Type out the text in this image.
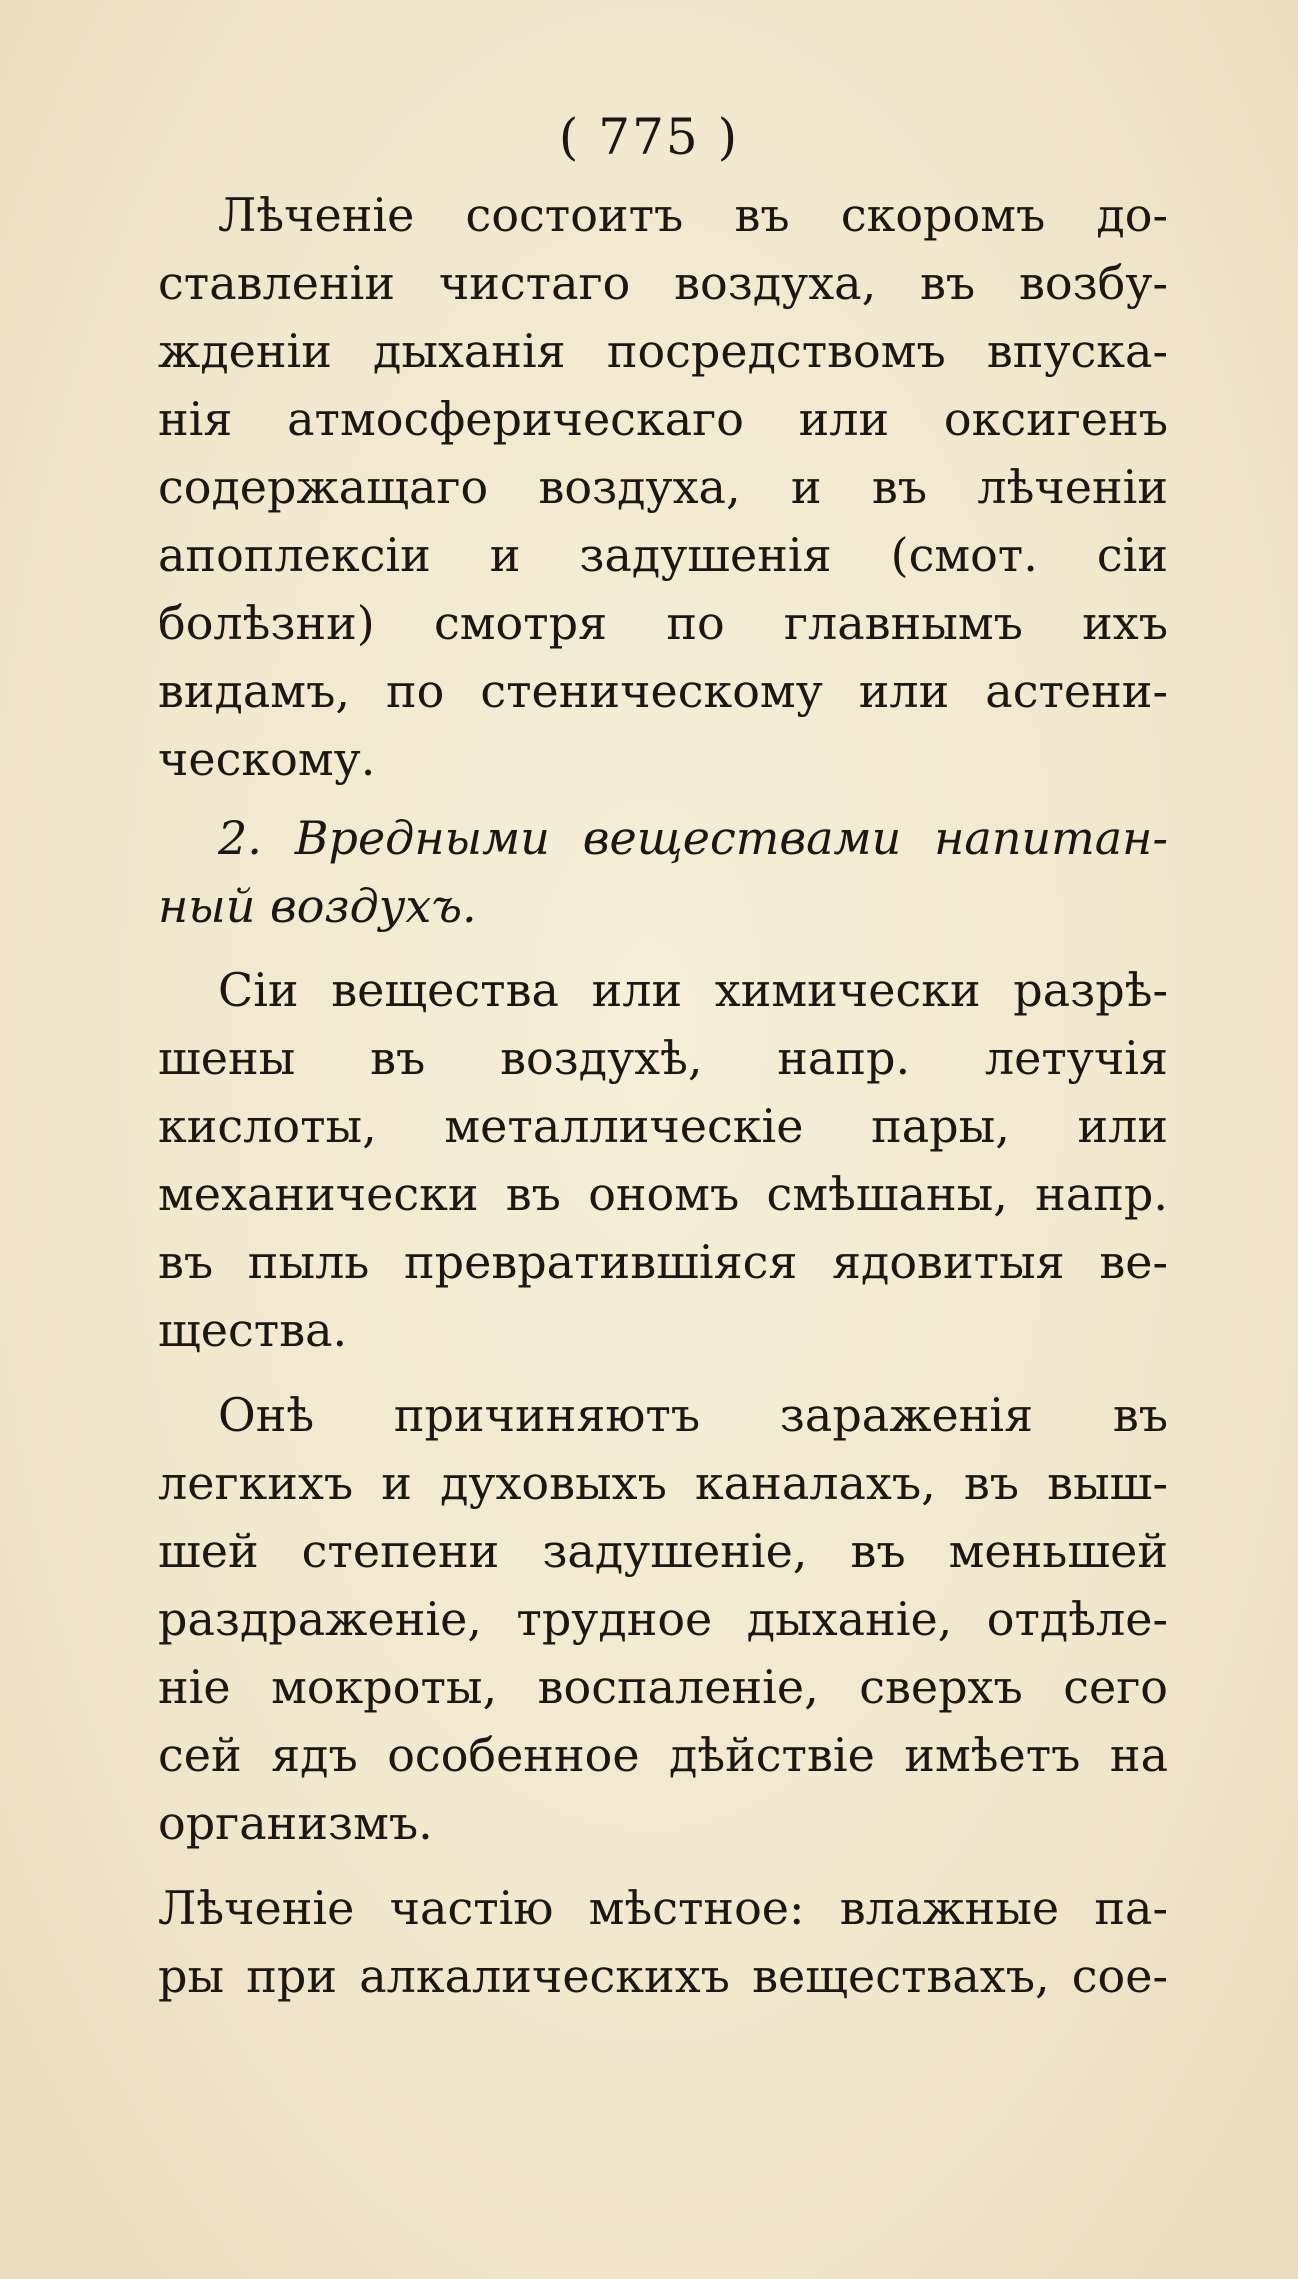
( 775 )
Лѣченіе состоитъ въ скоромъ до-
ставленіи чистаго воздуха, въ возбу-
жденіи дыханія посредствомъ впуска-
нія атмосферическаго или оксигенъ
содержащаго воздуха, и въ лѣченіи
апоплексіи и задушенія (смот. сіи
болѣзни) смотря по главнымъ ихъ
видамъ, по стеническому или астени-
ческому.
2. Вредными веществами напитан-
ный воздухъ.
Сіи вещества или химически разрѣ-
шены въ воздухѣ, напр. летучія
кислоты, металлическіе пары, или
механически въ ономъ смѣшаны, напр.
въ пыль превратившіяся ядовитыя ве-
щества.
Онѣ причиняютъ зараженія въ
легкихъ и духовыхъ каналахъ, въ выш-
шей степени задушеніе, въ меньшей
раздраженіе, трудное дыханіе, отдѣле-
ніе мокроты, воспаленіе, сверхъ сего
сей ядъ особенное дѣйствіе имѣетъ на
организмъ.
Лѣченіе частію мѣстное: влажные па-
ры при алкалическихъ веществахъ, сое-
